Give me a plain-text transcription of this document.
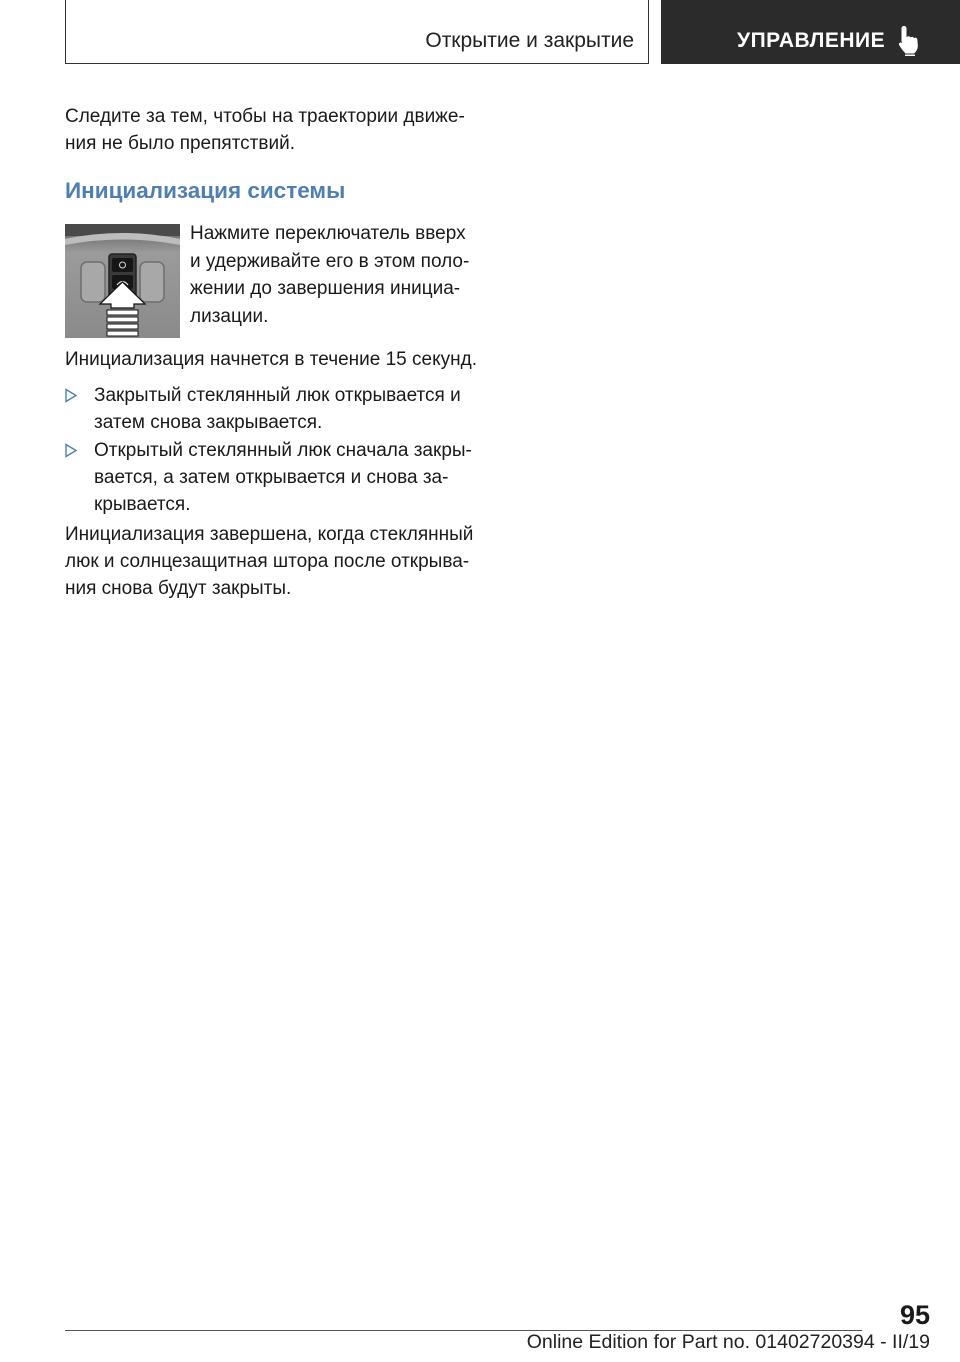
Открытие и закрытие	УПРАВЛЕНИЕ
Следите за тем, чтобы на траектории движе-
ния не было препятствий.
Инициализация системы
Нажмите переключатель вверх
и удерживайте его в этом поло-
жении до завершения инициа-
лизации.
Инициализация начнется в течение 15 секунд.
Закрытый стеклянный люк открывается и
затем снова закрывается.
Открытый стеклянный люк сначала закры-
вается, а затем открывается и снова за-
крывается.
Инициализация завершена, когда стеклянный
люк и солнцезащитная штора после открыва-
ния снова будут закрыты.
95
Online Edition for Part no. 01402720394 - II/19
